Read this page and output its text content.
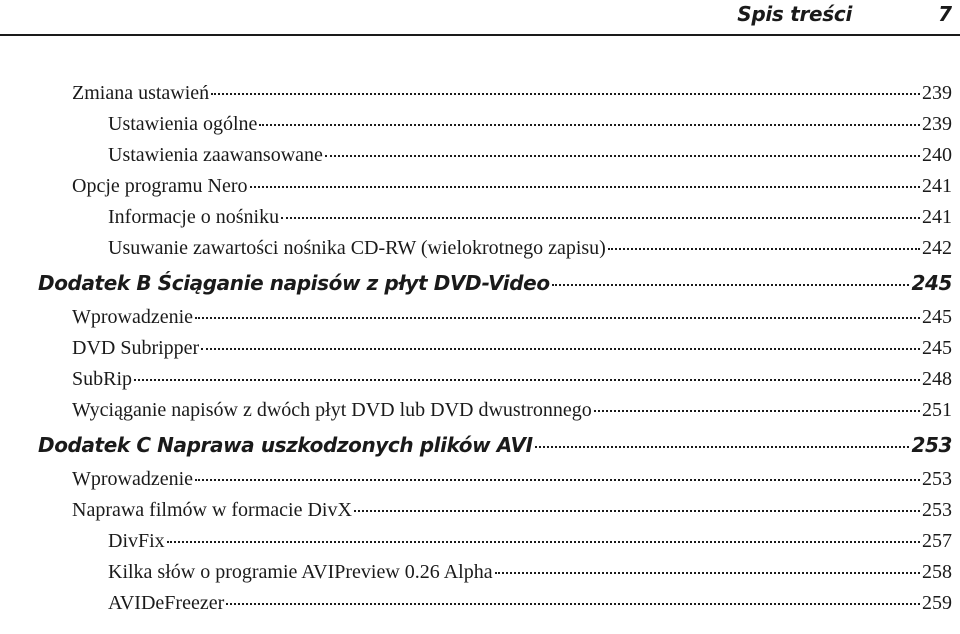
Spis treści	7
Zmiana ustawień	239
Ustawienia ogólne	239
Ustawienia zaawansowane	240
Opcje programu Nero	241
Informacje o nośniku	241
Usuwanie zawartości nośnika CD-RW (wielokrotnego zapisu)	242
Dodatek B Ściąganie napisów z płyt DVD-Video	245
Wprowadzenie	245
DVD Subripper	245
SubRip	248
Wyciąganie napisów z dwóch płyt DVD lub DVD dwustronnego	251
Dodatek C Naprawa uszkodzonych plików AVI	253
Wprowadzenie	253
Naprawa filmów w formacie DivX	253
DivFix	257
Kilka słów o programie AVIPreview 0.26 Alpha	258
AVIDeFreezer	259
